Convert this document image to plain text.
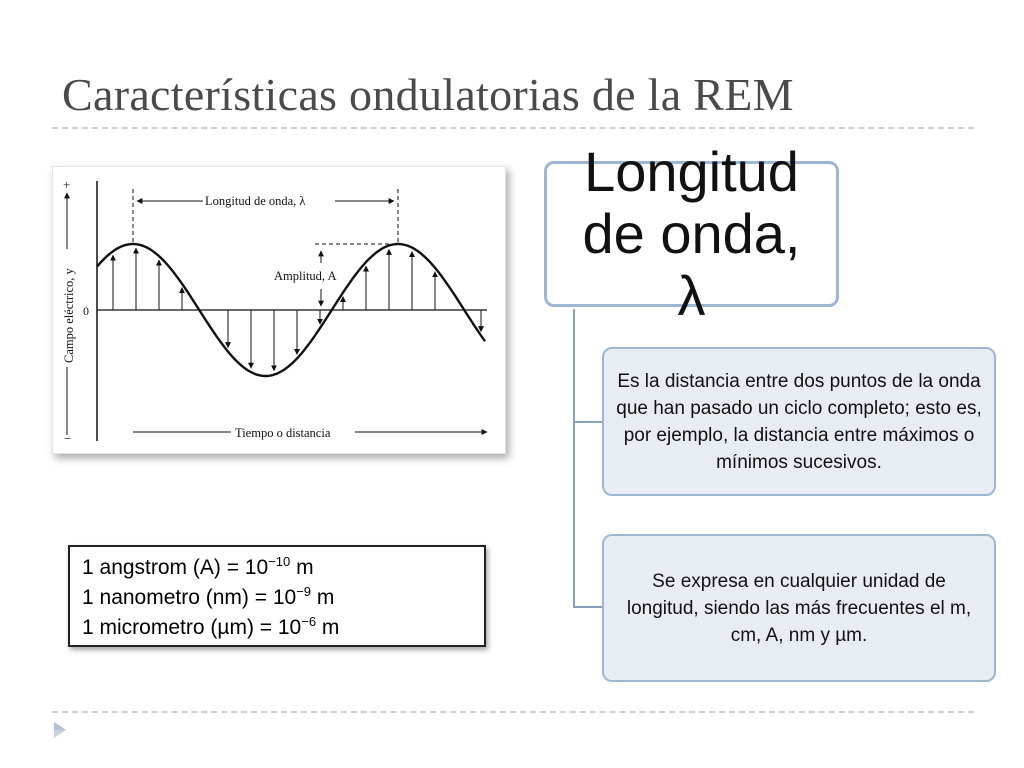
Características ondulatorias de la REM
Longitud de onda, λ
Amplitud, A
Tiempo o distancia
0
+
−
Campo eléctrico, y
1 angstrom $(A) = 10^{-10}$ m
1 nanometro $(nm) = 10^{-9}$ m
1 micrometro $(\mu m) = 10^{-6}$ m
Longitud de onda, λ
Es la distancia entre dos puntos de la onda que han pasado un ciclo completo; esto es, por ejemplo, la distancia entre máximos o mínimos sucesivos.
Se expresa en cualquier unidad de longitud, siendo las más frecuentes el m, cm, A, nm y µm.
